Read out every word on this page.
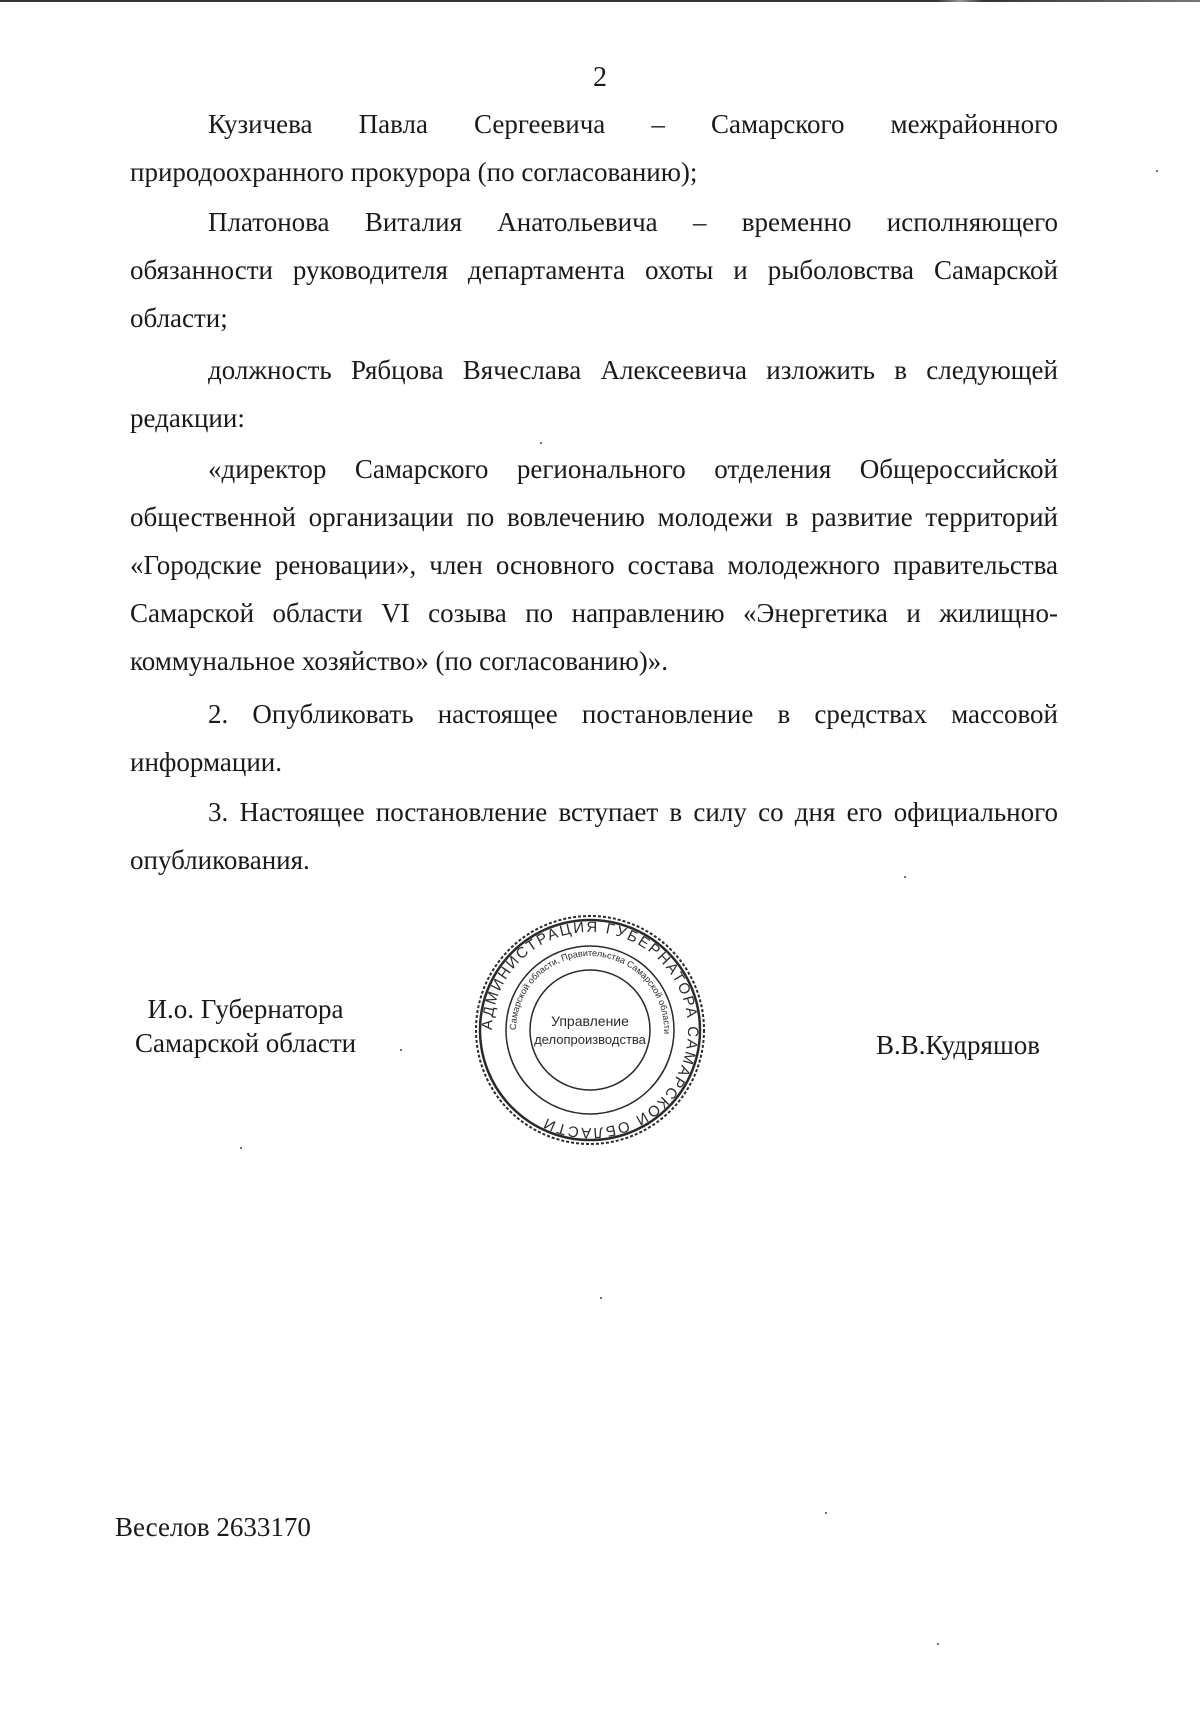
2

Кузичева Павла Сергеевича – Самарского межрайонного природоохранного прокурора (по согласованию);

Платонова Виталия Анатольевича – временно исполняющего обязанности руководителя департамента охоты и рыболовства Самарской области;

должность Рябцова Вячеслава Алексеевича изложить в следующей редакции:

«директор Самарского регионального отделения Общероссийской общественной организации по вовлечению молодежи в развитие территорий «Городские реновации», член основного состава молодежного правительства Самарской области VI созыва по направлению «Энергетика и жилищно-коммунальное хозяйство» (по согласованию)».

2. Опубликовать настоящее постановление в средствах массовой информации.

3. Настоящее постановление вступает в силу со дня его официального опубликования.

И.о. Губернатора
Самарской области
АДМИНИСТРАЦИЯ ГУБЕРНАТОРА САМАРСКОЙ ОБЛАСТИ
Самарской области, Правительства Самарской области
Управление
делопроизводства	В.В.Кудряшов
Веселов 2633170
